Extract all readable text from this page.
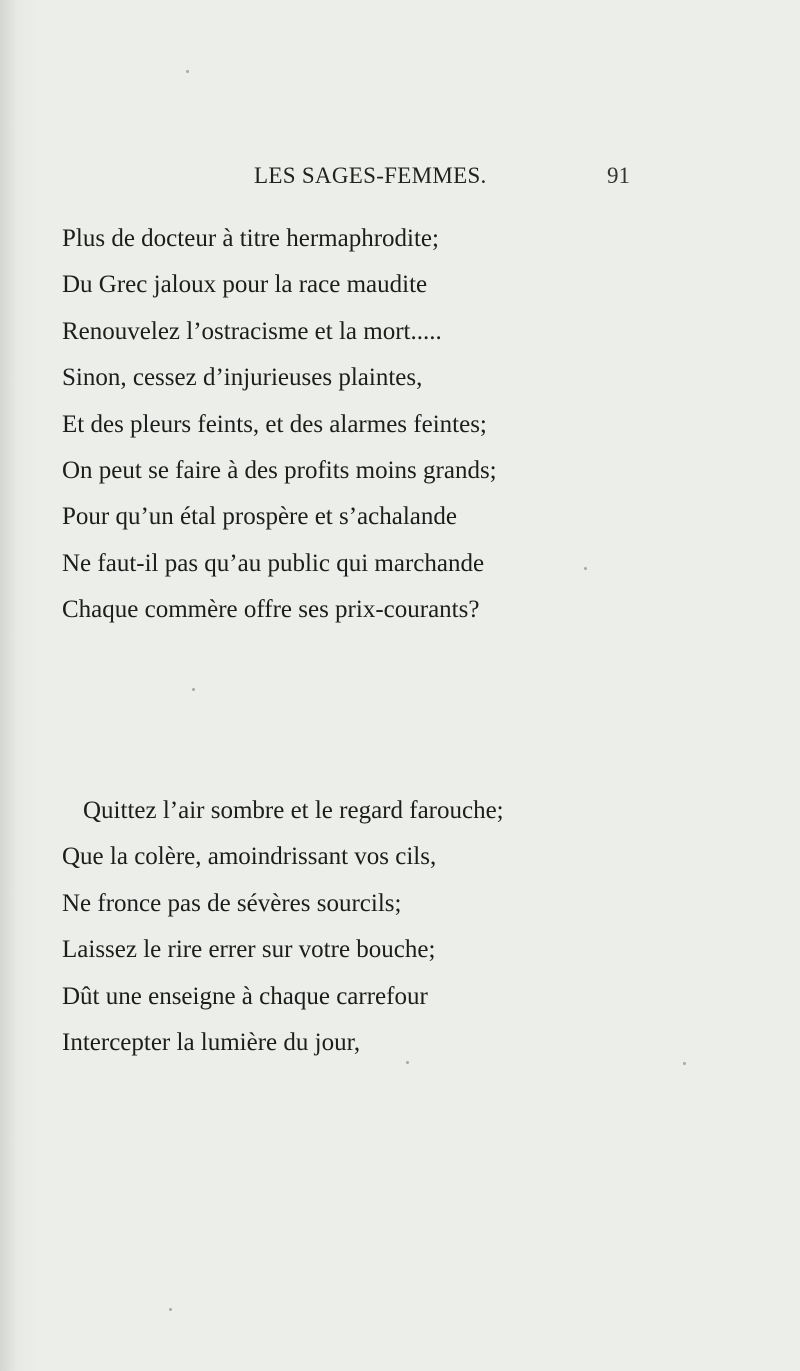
LES SAGES-FEMMES.	91
Plus de docteur à titre hermaphrodite;
Du Grec jaloux pour la race maudite
Renouvelez l’ostracisme et la mort.....
Sinon, cessez d’injurieuses plaintes,
Et des pleurs feints, et des alarmes feintes;
On peut se faire à des profits moins grands;
Pour qu’un étal prospère et s’achalande
Ne faut-il pas qu’au public qui marchande
Chaque commère offre ses prix-courants?
Quittez l’air sombre et le regard farouche;
Que la colère, amoindrissant vos cils,
Ne fronce pas de sévères sourcils;
Laissez le rire errer sur votre bouche;
Dût une enseigne à chaque carrefour
Intercepter la lumière du jour,
